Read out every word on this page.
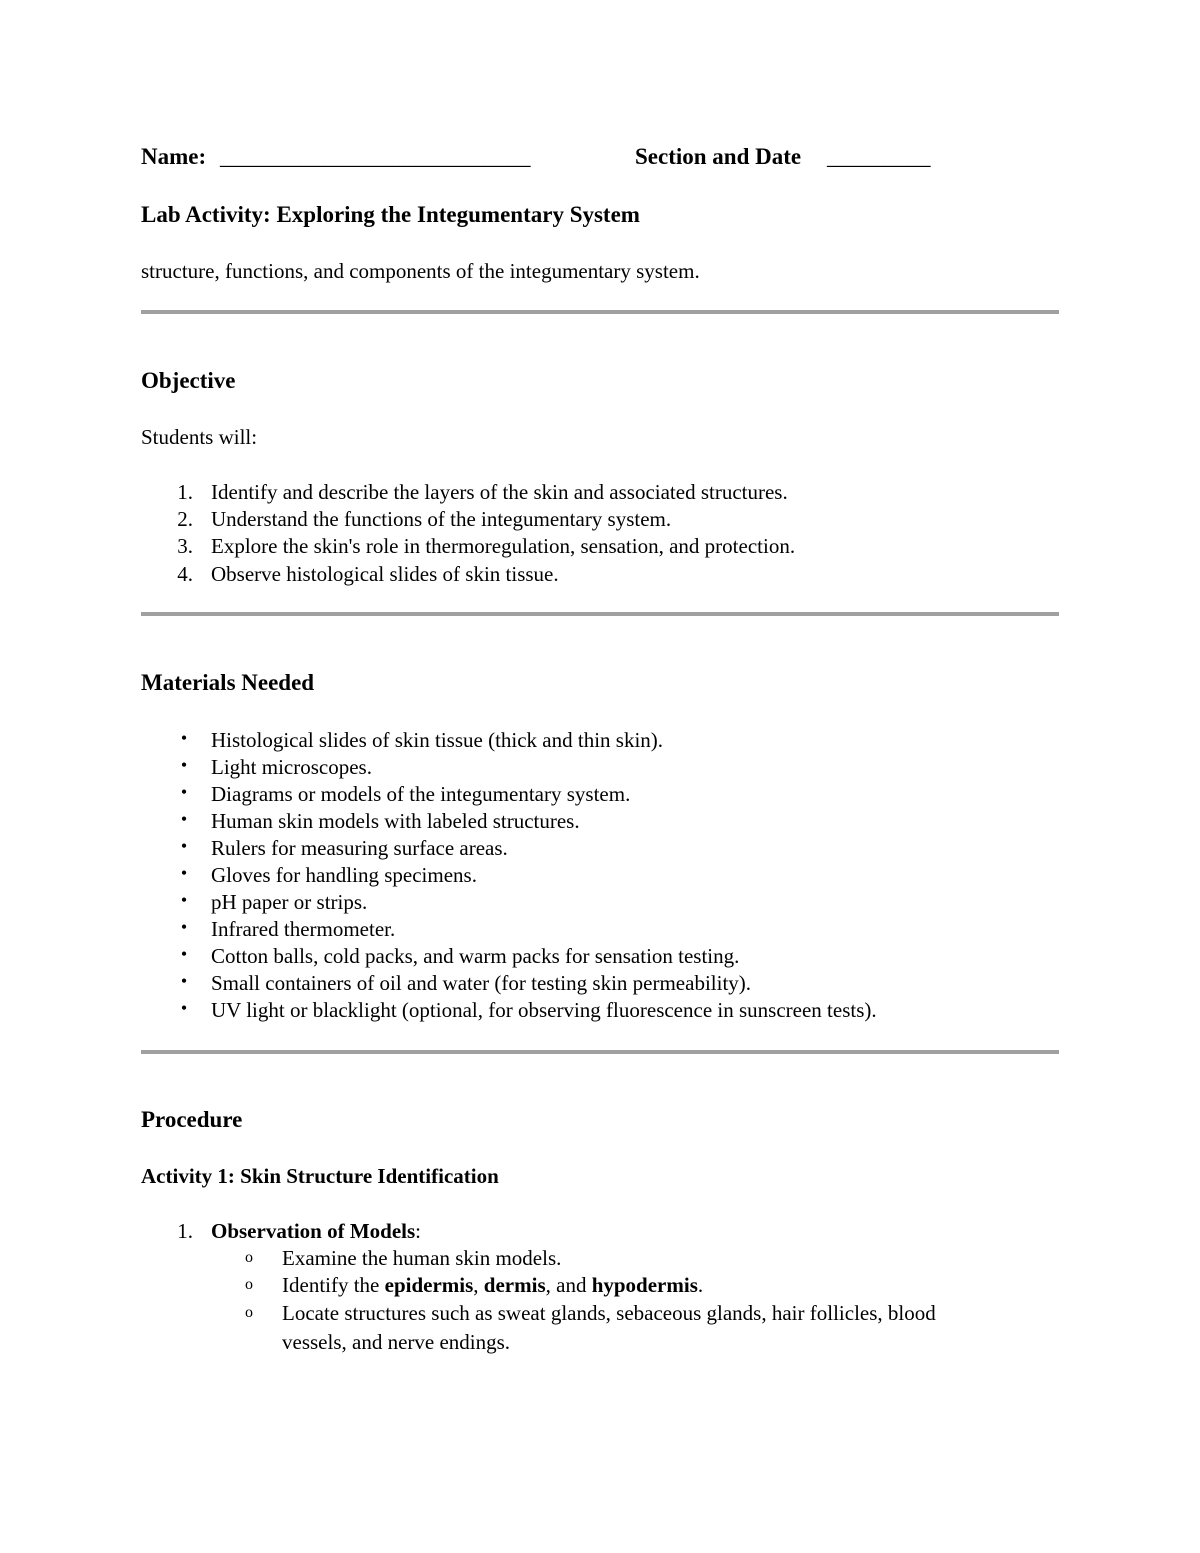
Name: ___________________________	Section and Date _________
Lab Activity: Exploring the Integumentary System
structure, functions, and components of the integumentary system.
Objective
Students will:
1. Identify and describe the layers of the skin and associated structures.
2. Understand the functions of the integumentary system.
3. Explore the skin's role in thermoregulation, sensation, and protection.
4. Observe histological slides of skin tissue.
Materials Needed
•	Histological slides of skin tissue (thick and thin skin).
•	Light microscopes.
•	Diagrams or models of the integumentary system.
•	Human skin models with labeled structures.
•	Rulers for measuring surface areas.
•	Gloves for handling specimens.
•	pH paper or strips.
•	Infrared thermometer.
•	Cotton balls, cold packs, and warm packs for sensation testing.
•	Small containers of oil and water (for testing skin permeability).
•	UV light or blacklight (optional, for observing fluorescence in sunscreen tests).
Procedure
Activity 1: Skin Structure Identification
1. Observation of Models:
o Examine the human skin models.
o Identify the epidermis, dermis, and hypodermis.
o Locate structures such as sweat glands, sebaceous glands, hair follicles, blood
vessels, and nerve endings.
